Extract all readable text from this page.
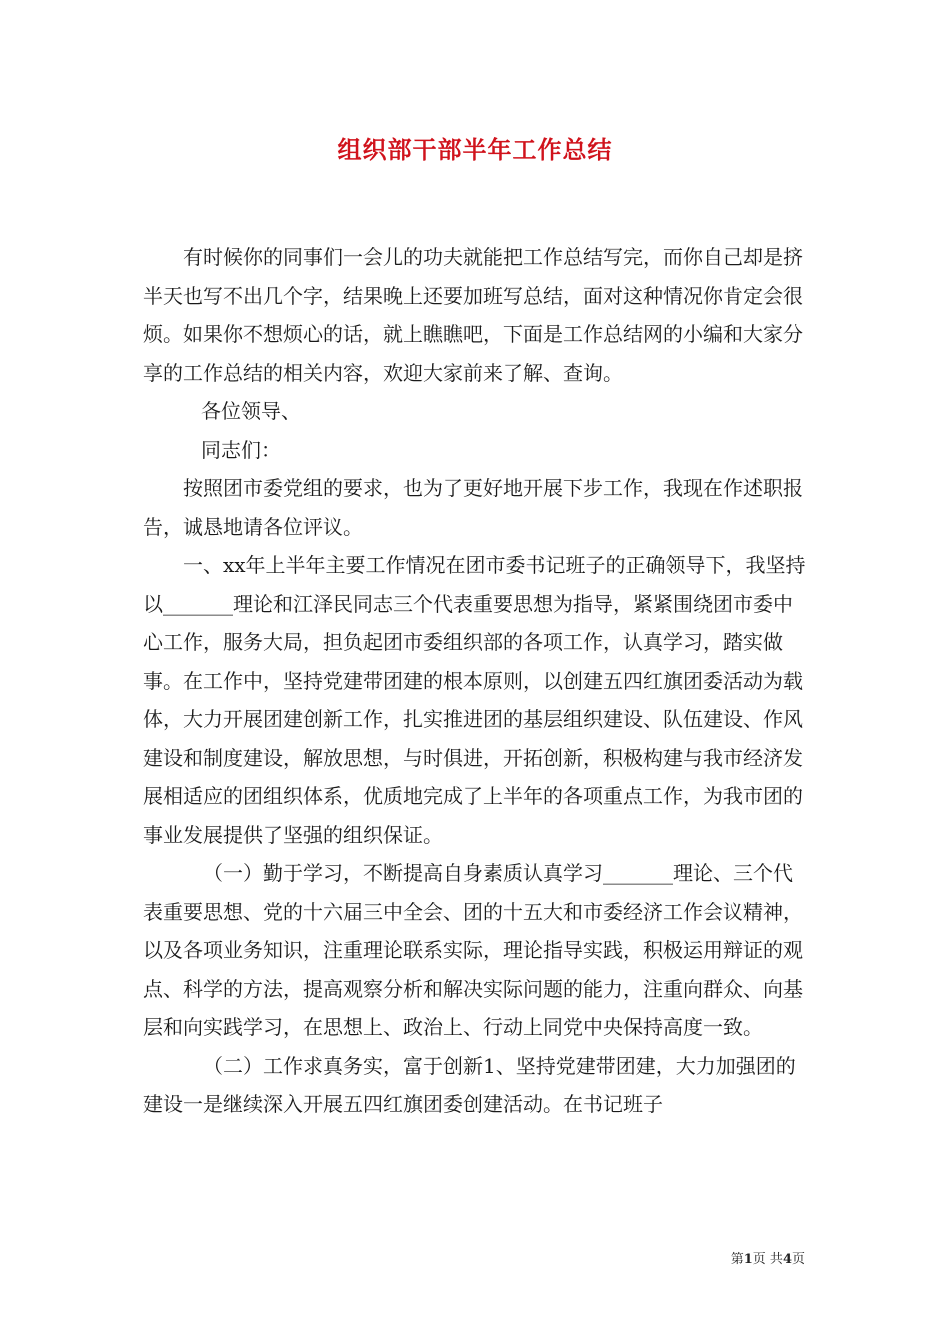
组织部干部半年工作总结

有时候你的同事们一会儿的功夫就能把工作总结写完，而你自己却是挤半天也写不出几个字，结果晚上还要加班写总结，面对这种情况你肯定会很烦。如果你不想烦心的话，就上瞧瞧吧，下面是工作总结网的小编和大家分享的工作总结的相关内容，欢迎大家前来了解、查询。

各位领导、

同志们：

按照团市委党组的要求，也为了更好地开展下步工作，我现在作述职报告，诚恳地请各位评议。

一、xx年上半年主要工作情况在团市委书记班子的正确领导下，我坚持以_______理论和江泽民同志三个代表重要思想为指导，紧紧围绕团市委中心工作，服务大局，担负起团市委组织部的各项工作，认真学习，踏实做事。在工作中，坚持党建带团建的根本原则，以创建五四红旗团委活动为载体，大力开展团建创新工作，扎实推进团的基层组织建设、队伍建设、作风建设和制度建设，解放思想，与时俱进，开拓创新，积极构建与我市经济发展相适应的团组织体系，优质地完成了上半年的各项重点工作，为我市团的事业发展提供了坚强的组织保证。

（一）勤于学习，不断提高自身素质认真学习_______理论、三个代表重要思想、党的十六届三中全会、团的十五大和市委经济工作会议精神，以及各项业务知识，注重理论联系实际，理论指导实践，积极运用辩证的观点、科学的方法，提高观察分析和解决实际问题的能力，注重向群众、向基层和向实践学习，在思想上、政治上、行动上同党中央保持高度一致。

（二）工作求真务实，富于创新1、坚持党建带团建，大力加强团的建设一是继续深入开展五四红旗团委创建活动。在书记班子

第1页 共4页
